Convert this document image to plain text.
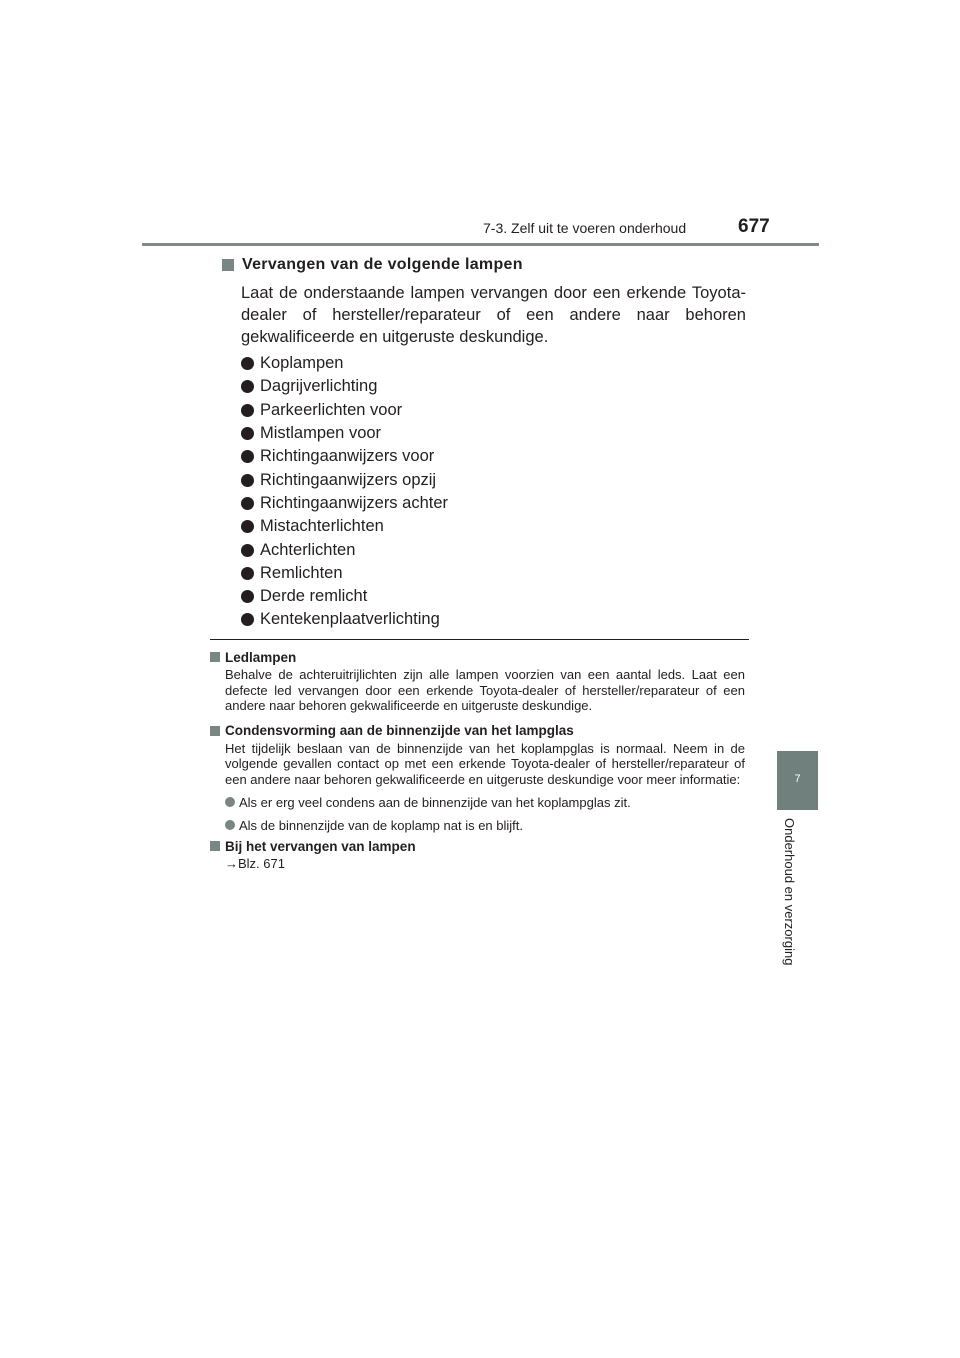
7-3. Zelf uit te voeren onderhoud	677
7
Onderhoud en verzorging
Vervangen van de volgende lampen

Laat de onderstaande lampen vervangen door een erkende Toyota-dealer of hersteller/reparateur of een andere naar behoren gekwalificeerde en uitgeruste deskundige.

Koplampen
Dagrijverlichting
Parkeerlichten voor
Mistlampen voor
Richtingaanwijzers voor
Richtingaanwijzers opzij
Richtingaanwijzers achter
Mistachterlichten
Achterlichten
Remlichten
Derde remlicht
Kentekenplaatverlichting
Ledlampen
Behalve de achteruitrijlichten zijn alle lampen voorzien van een aantal leds. Laat een defecte led vervangen door een erkende Toyota-dealer of hersteller/reparateur of een andere naar behoren gekwalificeerde en uitgeruste deskundige.
Condensvorming aan de binnenzijde van het lampglas
Het tijdelijk beslaan van de binnenzijde van het koplampglas is normaal. Neem in de volgende gevallen contact op met een erkende Toyota-dealer of hersteller/reparateur of een andere naar behoren gekwalificeerde en uitgeruste deskundige voor meer informatie:
Als er erg veel condens aan de binnenzijde van het koplampglas zit.
Als de binnenzijde van de koplamp nat is en blijft.
Bij het vervangen van lampen
→Blz. 671
